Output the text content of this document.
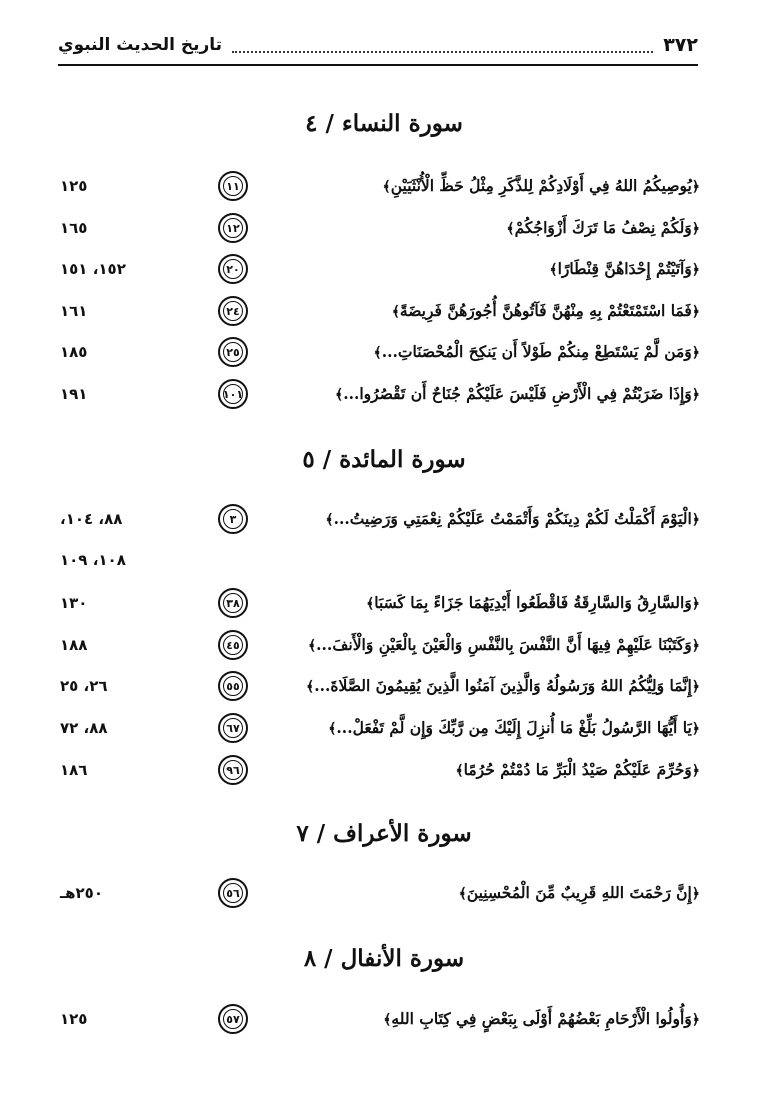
٣٧٢
تاريخ الحديث النبوي
سورة النساء / ٤
﴿يُوصِيكُمُ اللهُ فِي أَوْلَادِكُمْ لِلذَّكَرِ مِثْلُ حَظِّ الْأُنْثَيَيْنِ﴾
١١
١٢٥
﴿وَلَكُمْ نِصْفُ مَا تَرَكَ أَزْوَاجُكُمْ﴾
١٢
١٦٥
﴿وَآتَيْتُمْ إِحْدَاهُنَّ قِنْطَارًا﴾
٢٠
١٥٢، ١٥١
﴿فَمَا اسْتَمْتَعْتُمْ بِهِ مِنْهُنَّ فَآتُوهُنَّ أُجُورَهُنَّ فَرِيضَةً﴾
٢٤
١٦١
﴿وَمَن لَّمْ يَسْتَطِعْ مِنكُمْ طَوْلاً أَن يَنكِحَ الْمُحْصَنَاتِ...﴾
٢٥
١٨٥
﴿وَإِذَا ضَرَبْتُمْ فِي الْأَرْضِ فَلَيْسَ عَلَيْكُمْ جُنَاحٌ أَن تَقْصُرُوا...﴾
١٠١
١٩١
سورة المائدة / ٥
﴿الْيَوْمَ أَكْمَلْتُ لَكُمْ دِينَكُمْ وَأَتْمَمْتُ عَلَيْكُمْ نِعْمَتِي وَرَضِيتُ...﴾
٣
٨٨، ١٠٤،
١٠٨، ١٠٩
﴿وَالسَّارِقُ وَالسَّارِقَةُ فَاقْطَعُوا أَيْدِيَهُمَا جَزَاءً بِمَا كَسَبَا﴾
٣٨
١٣٠
﴿وَكَتَبْنَا عَلَيْهِمْ فِيهَا أَنَّ النَّفْسَ بِالنَّفْسِ وَالْعَيْنَ بِالْعَيْنِ وَالْأَنفَ...﴾
٤٥
١٨٨
﴿إِنَّمَا وَلِيُّكُمُ اللهُ وَرَسُولُهُ وَالَّذِينَ آمَنُوا الَّذِينَ يُقِيمُونَ الصَّلَاةَ...﴾
٥٥
٢٦، ٢٥
﴿يَا أَيُّهَا الرَّسُولُ بَلِّغْ مَا أُنزِلَ إِلَيْكَ مِن رَّبِّكَ وَإِن لَّمْ تَفْعَلْ...﴾
٦٧
٨٨، ٧٢
﴿وَحُرِّمَ عَلَيْكُمْ صَيْدُ الْبَرِّ مَا دُمْتُمْ حُرُمًا﴾
٩٦
١٨٦
سورة الأعراف / ٧
﴿إِنَّ رَحْمَتَ اللهِ قَرِيبٌ مِّنَ الْمُحْسِنِينَ﴾
٥٦
٢٥٠هـ
سورة الأنفال / ٨
﴿وَأُولُوا الْأَرْحَامِ بَعْضُهُمْ أَوْلَى بِبَعْضٍ فِي كِتَابِ اللهِ﴾
٥٧
١٢٥
